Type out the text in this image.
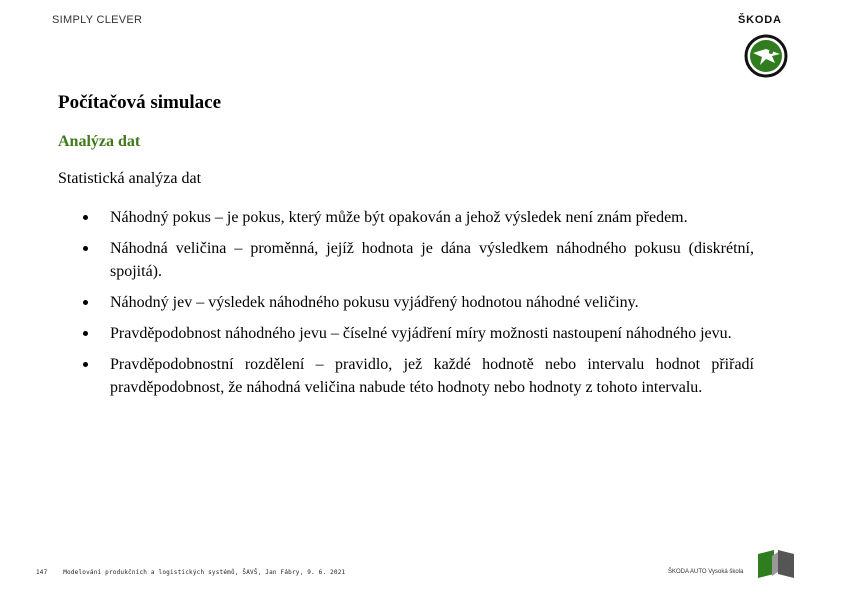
SIMPLY CLEVER	ŠKODA
Počítačová simulace
Analýza dat
Statistická analýza dat
Náhodný pokus – je pokus, který může být opakován a jehož výsledek není znám předem.
Náhodná veličina – proměnná, jejíž hodnota je dána výsledkem náhodného pokusu (diskrétní, spojitá).
Náhodný jev – výsledek náhodného pokusu vyjádřený hodnotou náhodné veličiny.
Pravděpodobnost náhodného jevu – číselné vyjádření míry možnosti nastoupení náhodného jevu.
Pravděpodobnostní rozdělení – pravidlo, jež každé hodnotě nebo intervalu hodnot přiřadí pravděpodobnost, že náhodná veličina nabude této hodnoty nebo hodnoty z tohoto intervalu.
147	Modelování produkčních a logistických systémů, ŠAVŠ, Jan Fábry, 9. 6. 2021	ŠKODA AUTO Vysoká škola
